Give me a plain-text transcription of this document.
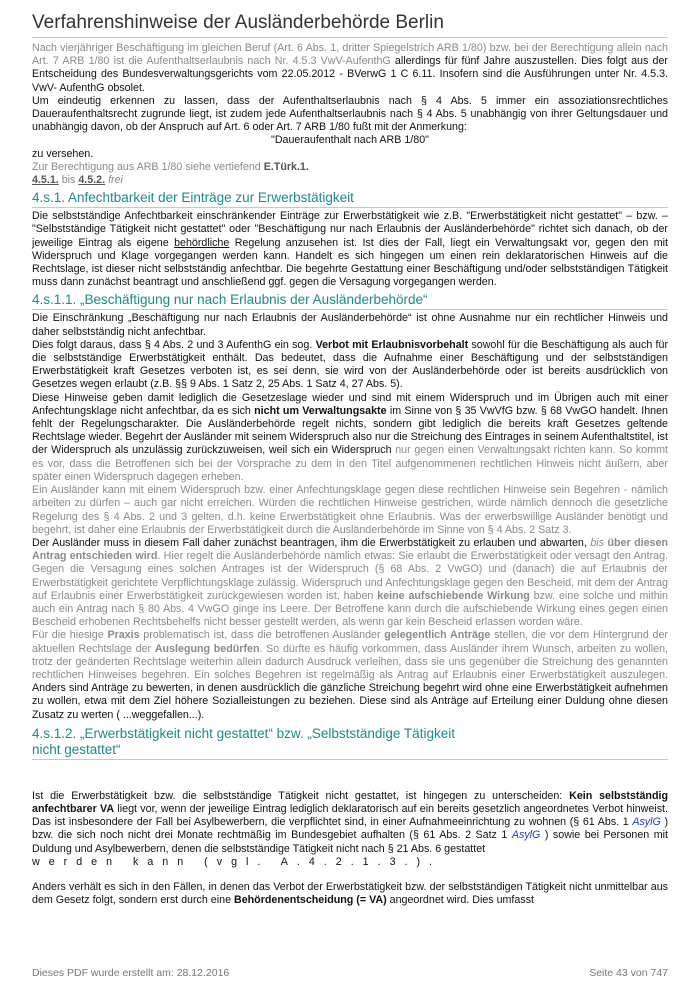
Verfahrenshinweise der Ausländerbehörde Berlin

Nach vierjähriger Beschäftigung im gleichen Beruf (Art. 6 Abs. 1, dritter Spiegelstrich ARB 1/80) bzw. bei der Berechtigung allein nach Art. 7 ARB 1/80 ist die Aufenthaltserlaubnis nach Nr. 4.5.3 VwV-AufenthG allerdings für fünf Jahre auszustellen. Dies folgt aus der Entscheidung des Bundesverwaltungsgerichts vom 22.05.2012 - BVerwG 1 C 6.11. Insofern sind die Ausführungen unter Nr. 4.5.3. VwV- AufenthG obsolet.

Um eindeutig erkennen zu lassen, dass der Aufenthaltserlaubnis nach § 4 Abs. 5 immer ein assoziationsrechtliches Daueraufenthaltsrecht zugrunde liegt, ist zudem jede Aufenthaltserlaubnis nach § 4 Abs. 5 unabhängig von ihrer Geltungsdauer und unabhängig davon, ob der Anspruch auf Art. 6 oder Art. 7 ARB 1/80 fußt mit der Anmerkung:

"Daueraufenthalt nach ARB 1/80"

zu versehen.

Zur Berechtigung aus ARB 1/80 siehe vertiefend E.Türk.1.

4.5.1. bis 4.5.2. frei

4.s.1. Anfechtbarkeit der Einträge zur Erwerbstätigkeit

Die selbstständige Anfechtbarkeit einschränkender Einträge zur Erwerbstätigkeit wie z.B. "Erwerbstätigkeit nicht gestattet" – bzw. – "Selbstständige Tätigkeit nicht gestattet" oder "Beschäftigung nur nach Erlaubnis der Ausländerbehörde" richtet sich danach, ob der jeweilige Eintrag als eigene behördliche Regelung anzusehen ist. Ist dies der Fall, liegt ein Verwaltungsakt vor, gegen den mit Widerspruch und Klage vorgegangen werden kann. Handelt es sich hingegen um einen rein deklaratorischen Hinweis auf die Rechtslage, ist dieser nicht selbstständig anfechtbar. Die begehrte Gestattung einer Beschäftigung und/oder selbstständigen Tätigkeit muss dann zunächst beantragt und anschließend ggf. gegen die Versagung vorgegangen werden.

4.s.1.1. „Beschäftigung nur nach Erlaubnis der Ausländerbehörde“

Die Einschränkung „Beschäftigung nur nach Erlaubnis der Ausländerbehörde“ ist ohne Ausnahme nur ein rechtlicher Hinweis und daher selbstständig nicht anfechtbar.

Dies folgt daraus, dass § 4 Abs. 2 und 3 AufenthG ein sog. Verbot mit Erlaubnisvorbehalt sowohl für die Beschäftigung als auch für die selbstständige Erwerbstätigkeit enthält. Das bedeutet, dass die Aufnahme einer Beschäftigung und der selbstständigen Erwerbstätigkeit kraft Gesetzes verboten ist, es sei denn, sie wird von der Ausländerbehörde oder ist bereits ausdrücklich von Gesetzes wegen erlaubt (z.B. §§ 9 Abs. 1 Satz 2, 25 Abs. 1 Satz 4, 27 Abs. 5).

Diese Hinweise geben damit lediglich die Gesetzeslage wieder und sind mit einem Widerspruch und im Übrigen auch mit einer Anfechtungsklage nicht anfechtbar, da es sich nicht um Verwaltungsakte im Sinne von § 35 VwVfG bzw. § 68 VwGO handelt. Ihnen fehlt der Regelungscharakter. Die Ausländerbehörde regelt nichts, sondern gibt lediglich die bereits kraft Gesetzes geltende Rechtslage wieder. Begehrt der Ausländer mit seinem Widerspruch also nur die Streichung des Eintrages in seinem Aufenthaltstitel, ist der Widerspruch als unzulässig zurückzuweisen, weil sich ein Widerspruch nur gegen einen Verwaltungsakt richten kann. So kommt es vor, dass die Betroffenen sich bei der Vorsprache zu dem in den Titel aufgenommenen rechtlichen Hinweis nicht äußern, aber später einen Widerspruch dagegen erheben.

Ein Ausländer kann mit einem Widerspruch bzw. einer Anfechtungsklage gegen diese rechtlichen Hinweise sein Begehren - nämlich arbeiten zu dürfen – auch gar nicht erreichen. Würden die rechtlichen Hinweise gestrichen, würde nämlich dennoch die gesetzliche Regelung des § 4 Abs. 2 und 3 gelten, d.h. keine Erwerbstätigkeit ohne Erlaubnis. Was der erwerbswillige Ausländer benötigt und begehrt, ist daher eine Erlaubnis der Erwerbstätigkeit durch die Ausländerbehörde im Sinne von § 4 Abs. 2 Satz 3.

Der Ausländer muss in diesem Fall daher zunächst beantragen, ihm die Erwerbstätigkeit zu erlauben und abwarten, bis über diesen Antrag entschieden wird. Hier regelt die Ausländerbehörde nämlich etwas: Sie erlaubt die Erwerbstätigkeit oder versagt den Antrag. Gegen die Versagung eines solchen Antrages ist der Widerspruch (§ 68 Abs. 2 VwGO) und (danach) die auf Erlaubnis der Erwerbstätigkeit gerichtete Verpflichtungsklage zulässig. Widerspruch und Anfechtungsklage gegen den Bescheid, mit dem der Antrag auf Erlaubnis einer Erwerbstätigkeit zurückgewiesen worden ist, haben keine aufschiebende Wirkung bzw. eine solche und mithin auch ein Antrag nach § 80 Abs. 4 VwGO ginge ins Leere. Der Betroffene kann durch die aufschiebende Wirkung eines gegen einen Bescheid erhobenen Rechtsbehelfs nicht besser gestellt werden, als wenn gar kein Bescheid erlassen worden wäre.

Für die hiesige Praxis problematisch ist, dass die betroffenen Ausländer gelegentlich Anträge stellen, die vor dem Hintergrund der aktuellen Rechtslage der Auslegung bedürfen. So dürfte es häufig vorkommen, dass Ausländer ihrem Wunsch, arbeiten zu wollen, trotz der geänderten Rechtslage weiterhin allein dadurch Ausdruck verleihen, dass sie uns gegenüber die Streichung des genannten rechtlichen Hinweises begehren. Ein solches Begehren ist regelmäßig als Antrag auf Erlaubnis einer Erwerbstätigkeit auszulegen. Anders sind Anträge zu bewerten, in denen ausdrücklich die gänzliche Streichung begehrt wird ohne eine Erwerbstätigkeit aufnehmen zu wollen, etwa mit dem Ziel höhere Sozialleistungen zu beziehen. Diese sind als Anträge auf Erteilung einer Duldung ohne diesen Zusatz zu werten ( ...weggefallen...).

4.s.1.2. „Erwerbstätigkeit nicht gestattet“ bzw. „Selbstständige Tätigkeit
nicht gestattet“

Ist die Erwerbstätigkeit bzw. die selbstständige Tätigkeit nicht gestattet, ist hingegen zu unterscheiden: Kein selbstständig anfechtbarer VA liegt vor, wenn der jeweilige Eintrag lediglich deklaratorisch auf ein bereits gesetzlich angeordnetes Verbot hinweist. Das ist insbesondere der Fall bei Asylbewerbern, die verpflichtet sind, in einer Aufnahmeeinrichtung zu wohnen (§ 61 Abs. 1 AsylG ) bzw. die sich noch nicht drei Monate rechtmäßig im Bundesgebiet aufhalten (§ 61 Abs. 2 Satz 1 AsylG ) sowie bei Personen mit Duldung und Asylbewerbern, denen die selbstständige Tätigkeit nicht nach § 21 Abs. 6 gestattet

werden kann (vgl. A.4.2.1.3.).

Anders verhält es sich in den Fällen, in denen das Verbot der Erwerbstätigkeit bzw. der selbstständigen Tätigkeit nicht unmittelbar aus dem Gesetz folgt, sondern erst durch eine Behördenentscheidung (= VA) angeordnet wird. Dies umfasst

Dieses PDF wurde erstellt am: 28.12.2016	Seite 43 von 747
